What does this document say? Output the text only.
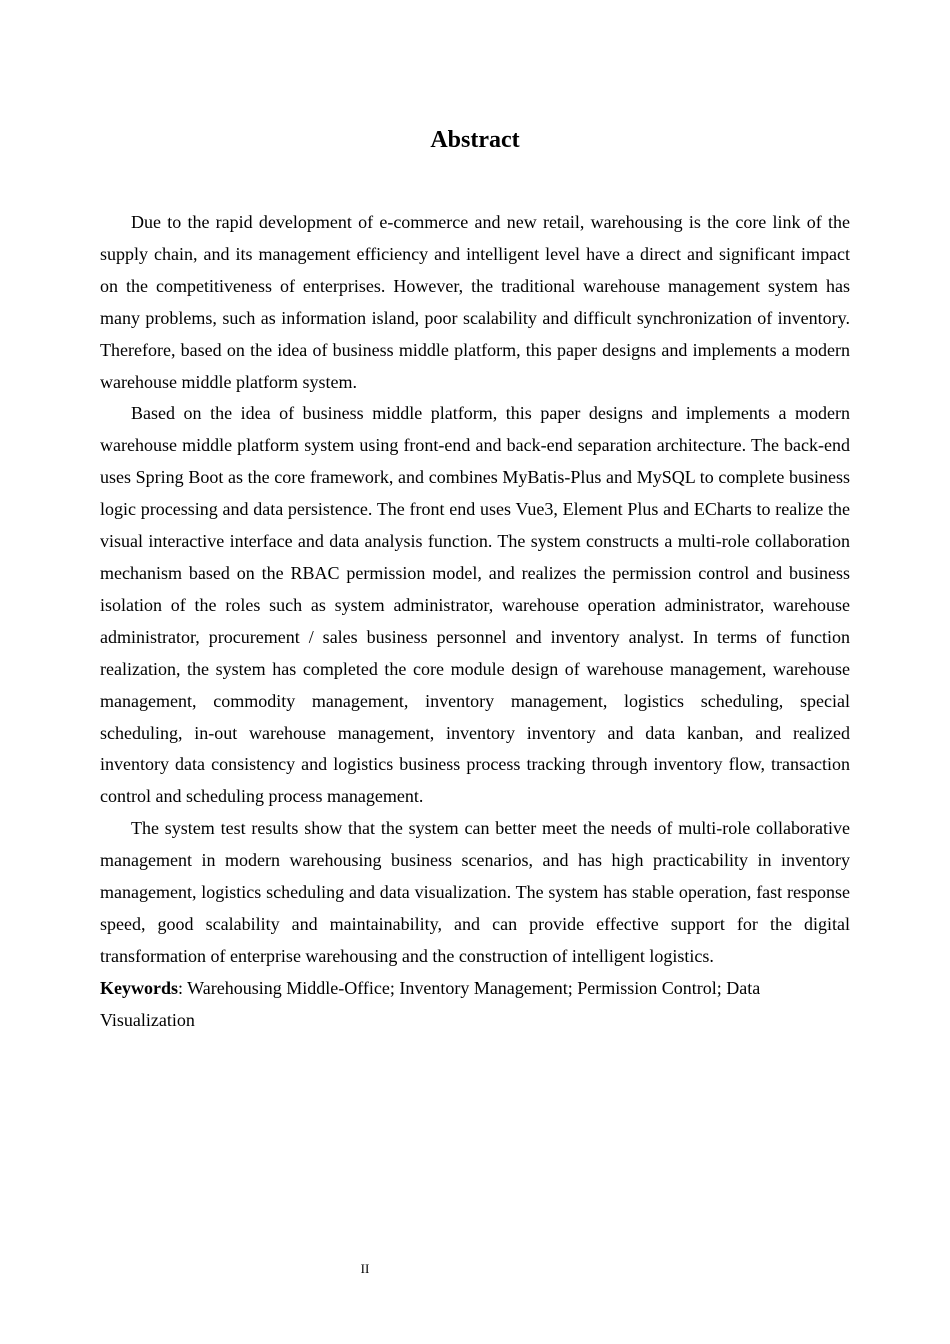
Abstract

Due to the rapid development of e-commerce and new retail, warehousing is the core link of the supply chain, and its management efficiency and intelligent level have a direct and significant impact on the competitiveness of enterprises. However, the traditional warehouse management system has many problems, such as information island, poor scalability and difficult synchronization of inventory. Therefore, based on the idea of business middle platform, this paper designs and implements a modern warehouse middle platform system.

Based on the idea of business middle platform, this paper designs and implements a modern warehouse middle platform system using front-end and back-end separation architecture. The back-end uses Spring Boot as the core framework, and combines MyBatis-Plus and MySQL to complete business logic processing and data persistence. The front end uses Vue3, Element Plus and ECharts to realize the visual interactive interface and data analysis function. The system constructs a multi-role collaboration mechanism based on the RBAC permission model, and realizes the permission control and business isolation of the roles such as system administrator, warehouse operation administrator, warehouse administrator, procurement / sales business personnel and inventory analyst. In terms of function realization, the system has completed the core module design of warehouse management, warehouse management, commodity management, inventory management, logistics scheduling, special scheduling, in-out warehouse management, inventory inventory and data kanban, and realized inventory data consistency and logistics business process tracking through inventory flow, transaction control and scheduling process management.

The system test results show that the system can better meet the needs of multi-role collaborative management in modern warehousing business scenarios, and has high practicability in inventory management, logistics scheduling and data visualization. The system has stable operation, fast response speed, good scalability and maintainability, and can provide effective support for the digital transformation of enterprise warehousing and the construction of intelligent logistics.

Keywords: Warehousing Middle-Office; Inventory Management; Permission Control; Data Visualization

II
